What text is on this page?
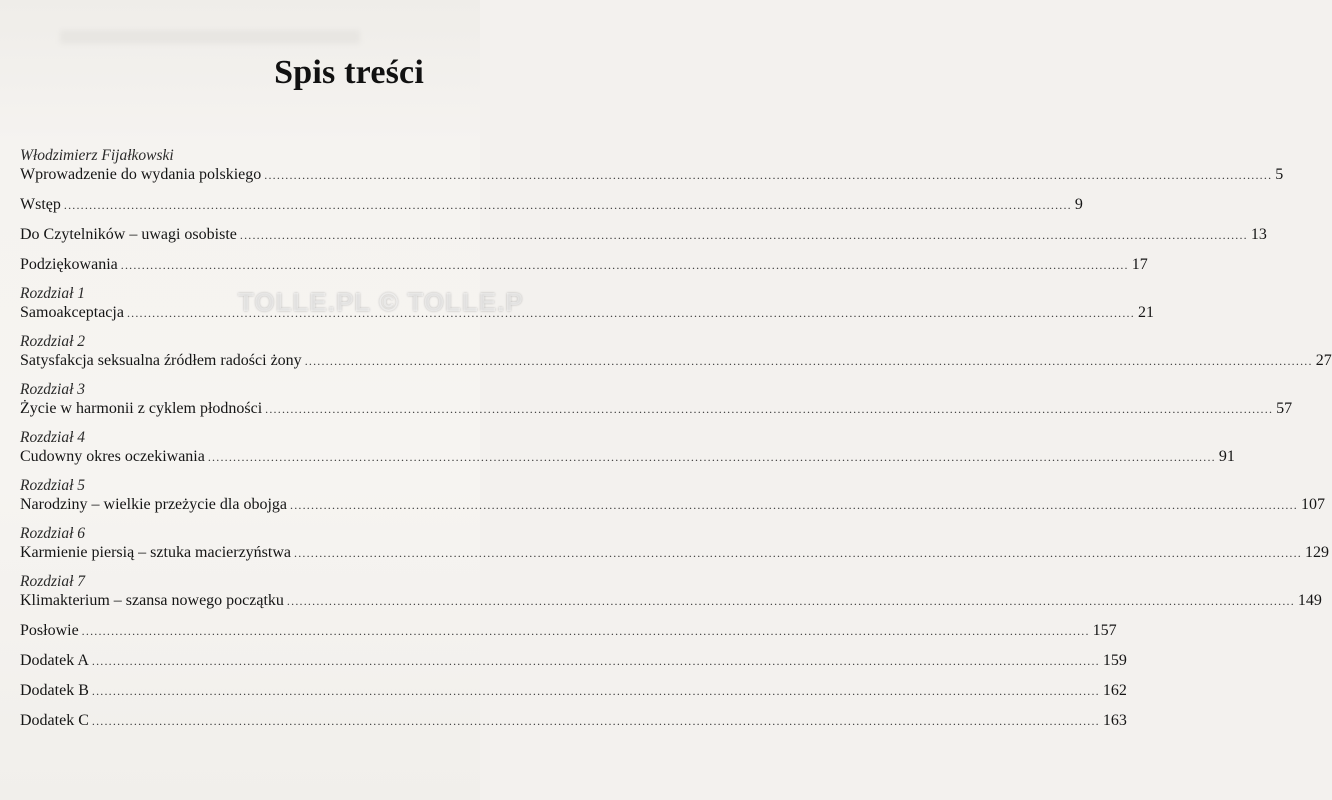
Spis treści
Włodzimierz Fijałkowski
Wprowadzenie do wydania polskiego .....	5
Wstęp .....	9
Do Czytelników – uwagi osobiste .....	13
Podziękowania .....	17
Rozdział 1
Samoakceptacja .....	21
Rozdział 2
Satysfakcja seksualna źródłem radości żony .....	27
Rozdział 3
Życie w harmonii z cyklem płodności .....	57
Rozdział 4
Cudowny okres oczekiwania .....	91
Rozdział 5
Narodziny – wielkie przeżycie dla obojga .....	107
Rozdział 6
Karmienie piersią – sztuka macierzyństwa .....	129
Rozdział 7
Klimakterium – szansa nowego początku .....	149
Posłowie .....	157
Dodatek A .....	159
Dodatek B .....	162
Dodatek C .....	163
TOLLE.PL © TOLLE.P
